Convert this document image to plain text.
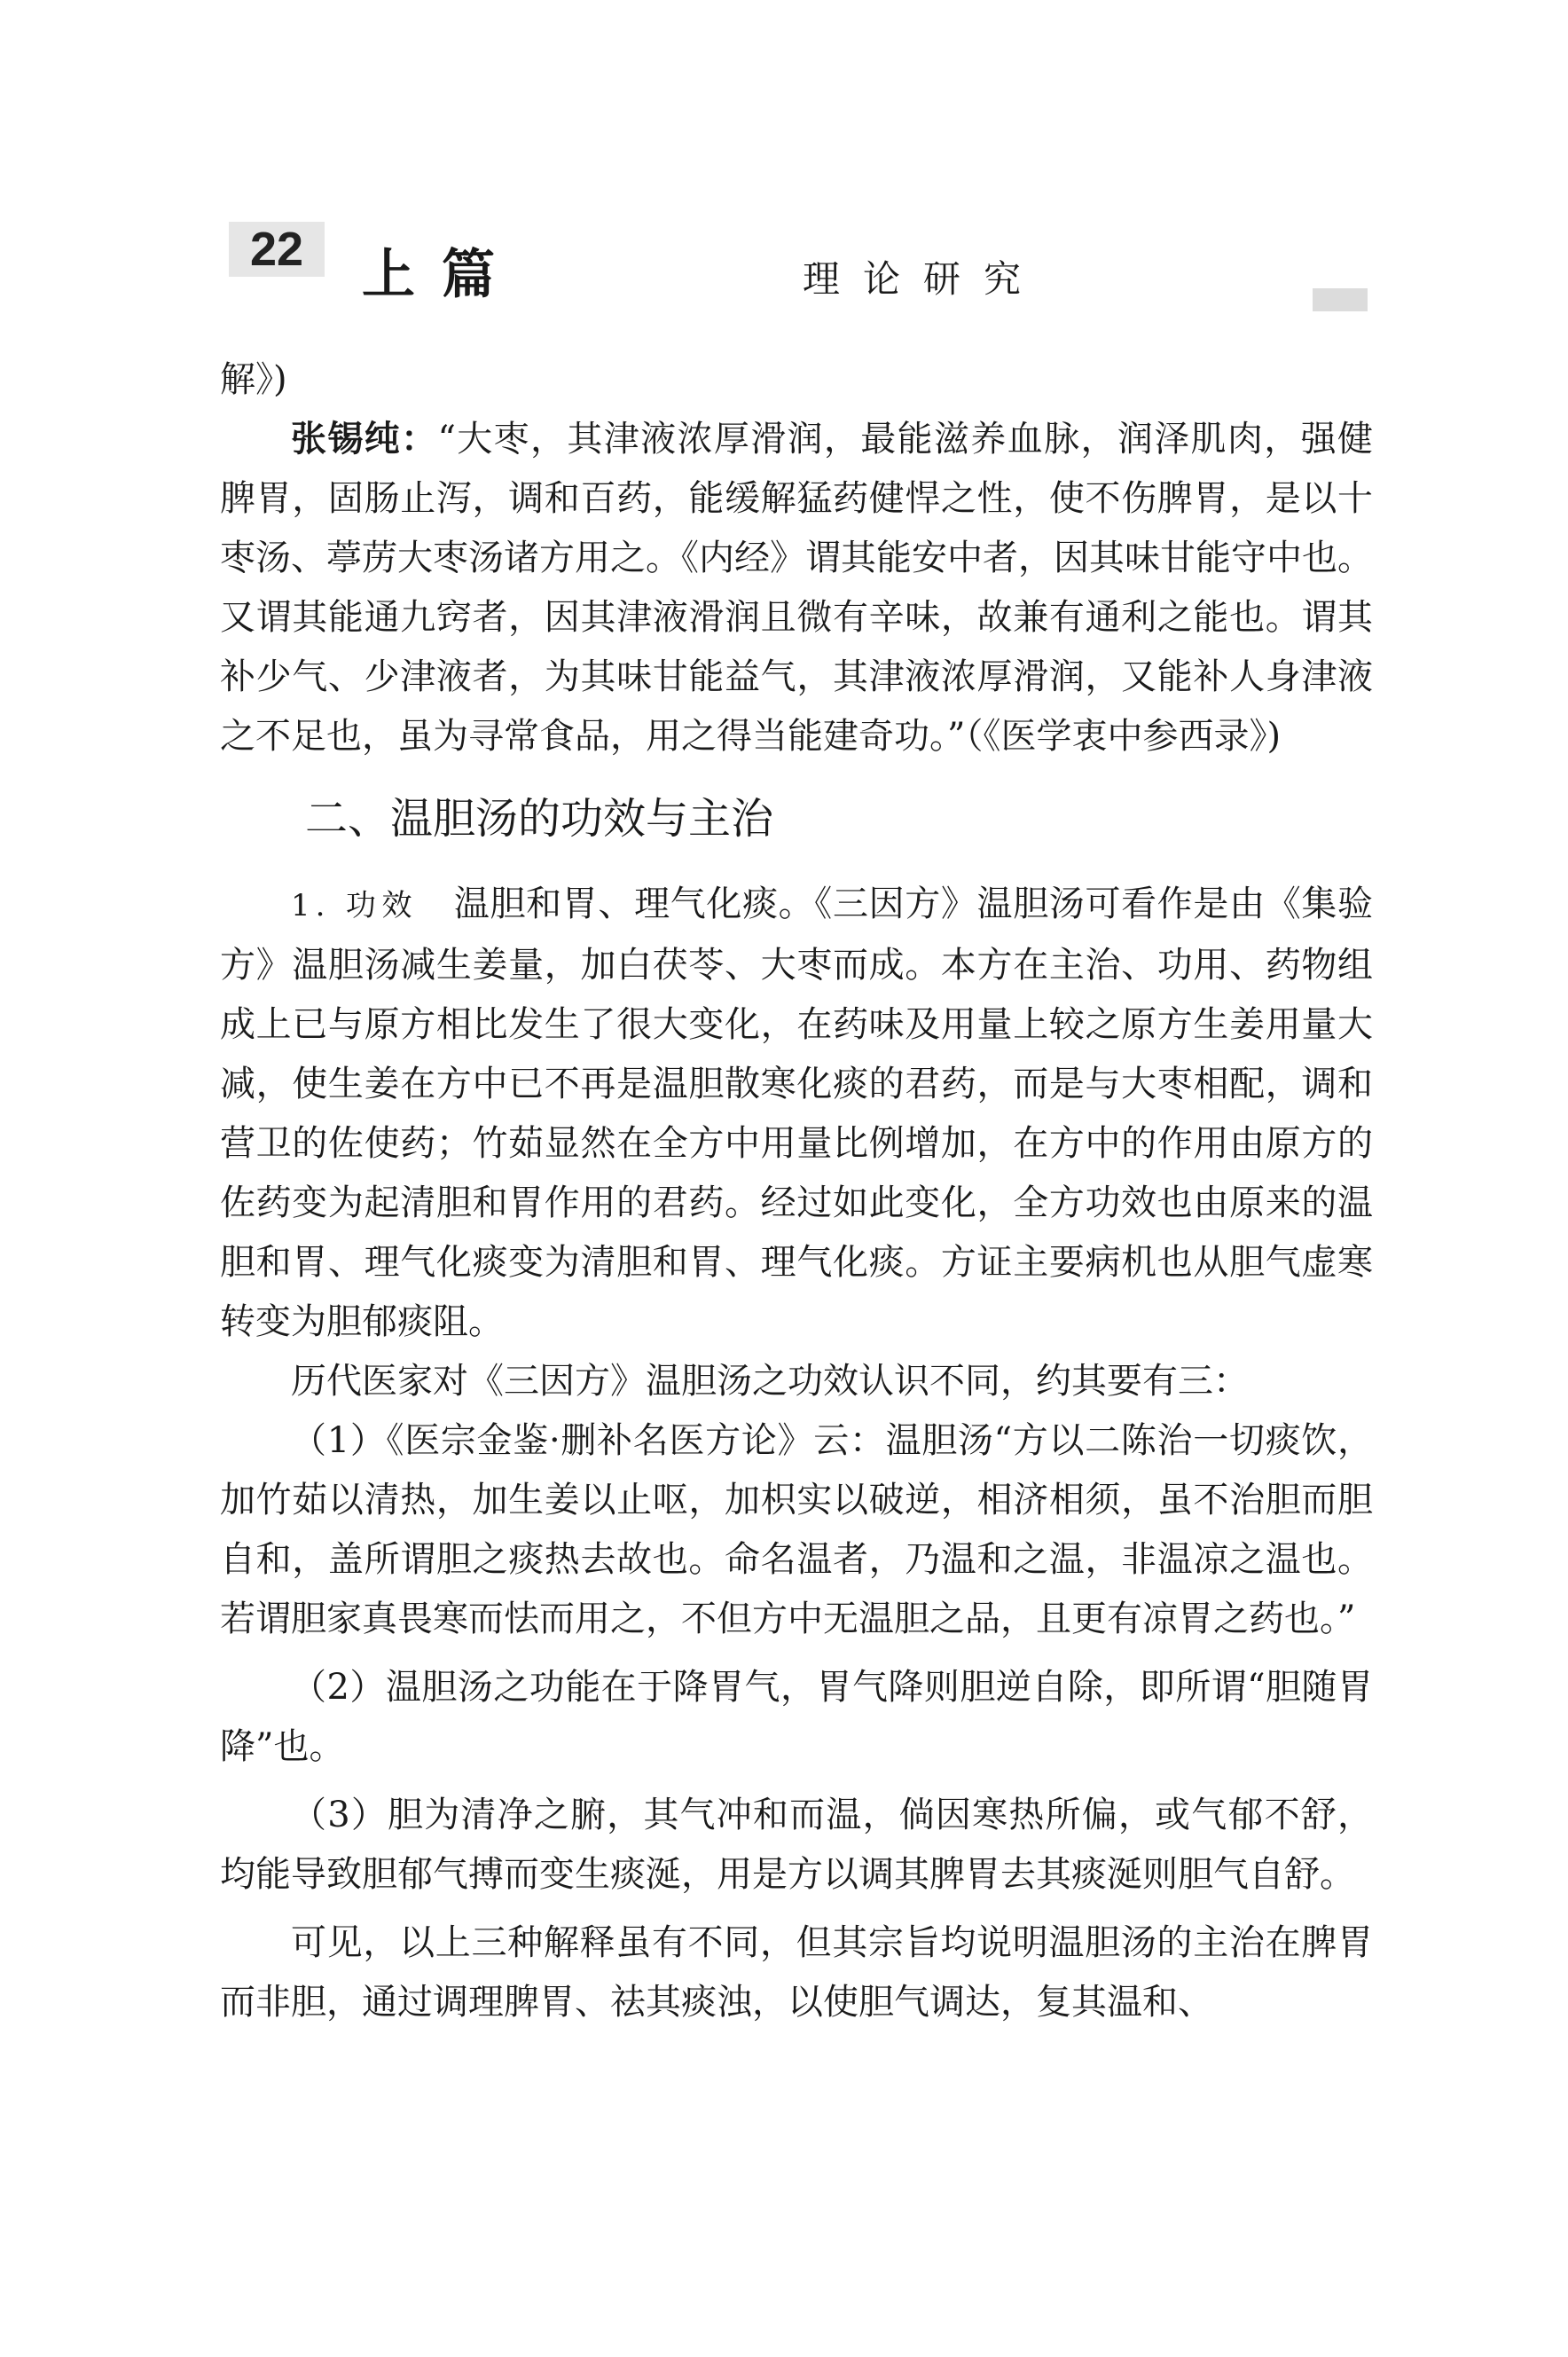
22	上篇	理论研究

解》)

张锡纯：“大枣，其津液浓厚滑润，最能滋养血脉，润泽肌肉，强健脾胃，固肠止泻，调和百药，能缓解猛药健悍之性，使不伤脾胃，是以十枣汤、葶苈大枣汤诸方用之。《内经》谓其能安中者，因其味甘能守中也。又谓其能通九窍者，因其津液滑润且微有辛味，故兼有通利之能也。谓其补少气、少津液者，为其味甘能益气，其津液浓厚滑润，又能补人身津液之不足也，虽为寻常食品，用之得当能建奇功。”（《医学衷中参西录》)

二、温胆汤的功效与主治

1. 功效　 温胆和胃、理气化痰。《三因方》温胆汤可看作是由《集验方》温胆汤减生姜量，加白茯苓、大枣而成。本方在主治、功用、药物组成上已与原方相比发生了很大变化，在药味及用量上较之原方生姜用量大减，使生姜在方中已不再是温胆散寒化痰的君药，而是与大枣相配，调和营卫的佐使药；竹茹显然在全方中用量比例增加，在方中的作用由原方的佐药变为起清胆和胃作用的君药。经过如此变化，全方功效也由原来的温胆和胃、理气化痰变为清胆和胃、理气化痰。方证主要病机也从胆气虚寒转变为胆郁痰阻。

历代医家对《三因方》温胆汤之功效认识不同，约其要有三：

（1）《医宗金鉴·删补名医方论》云：温胆汤“方以二陈治一切痰饮，加竹茹以清热，加生姜以止呕，加枳实以破逆，相济相须，虽不治胆而胆自和，盖所谓胆之痰热去故也。命名温者，乃温和之温，非温凉之温也。若谓胆家真畏寒而怯而用之，不但方中无温胆之品，且更有凉胃之药也。”

（2）温胆汤之功能在于降胃气，胃气降则胆逆自除，即所谓“胆随胃降”也。

（3）胆为清净之腑，其气冲和而温，倘因寒热所偏，或气郁不舒，均能导致胆郁气搏而变生痰涎，用是方以调其脾胃去其痰涎则胆气自舒。

可见，以上三种解释虽有不同，但其宗旨均说明温胆汤的主治在脾胃而非胆，通过调理脾胃、祛其痰浊，以使胆气调达，复其温和、
